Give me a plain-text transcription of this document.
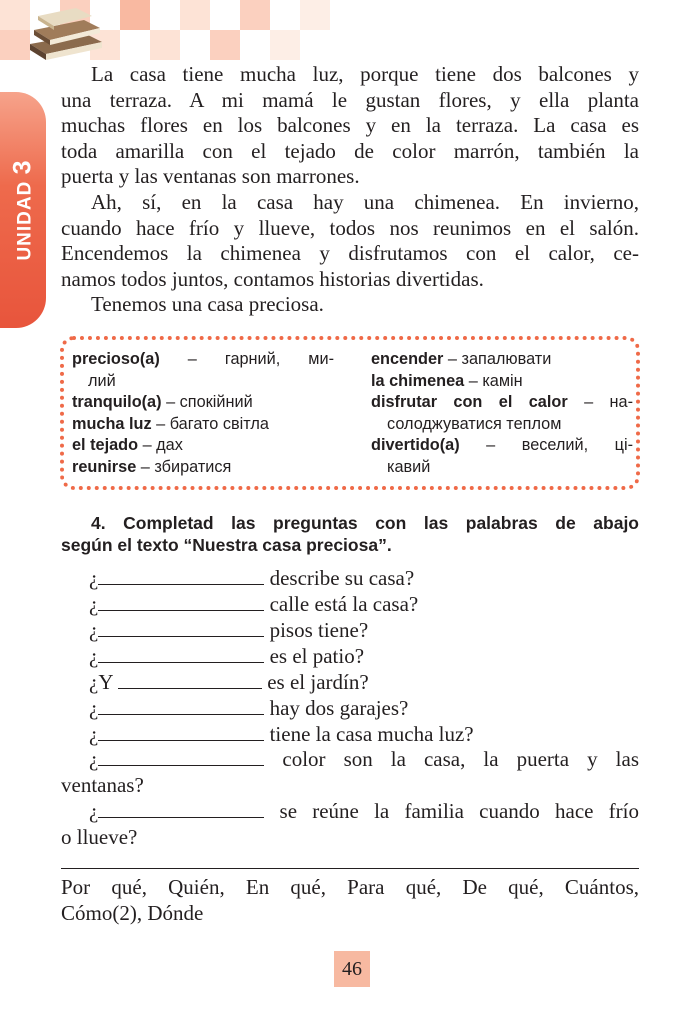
UNIDAD 3

La casa tiene mucha luz, porque tiene dos balcones y
una terraza. A mi mamá le gustan flores, y ella planta
muchas flores en los balcones y en la terraza. La casa es
toda amarilla con el tejado de color marrón, también la
puerta y las ventanas son marrones.

Ah, sí, en la casa hay una chimenea. En invierno,
cuando hace frío y llueve, todos nos reunimos en el salón.
Encendemos la chimenea y disfrutamos con el calor, ce-
namos todos juntos, contamos historias divertidas.

Tenemos una casa preciosa.

precioso(a) – гарний, ми-
лий
tranquilo(a) – спокійний
mucha luz – багато світла
el tejado – дах
reunirse – збиратися
encender – запалювати
la chimenea – камін
disfrutar con el calor – на-
солоджуватися теплом
divertido(a) – веселий, ці-
кавий

4. Completad las preguntas con las palabras de abajo
según el texto “Nuestra casa preciosa”.

¿	describe su casa?
¿	calle está la casa?
¿	pisos tiene?
¿	es el patio?
¿Y	es el jardín?
¿	hay dos garajes?
¿	tiene la casa mucha luz?
¿	color son la casa, la puerta y las
ventanas?
¿	se reúne la familia cuando hace frío
o llueve?

Por qué, Quién, En qué, Para qué, De qué, Cuántos,
Cómo(2), Dónde

46
